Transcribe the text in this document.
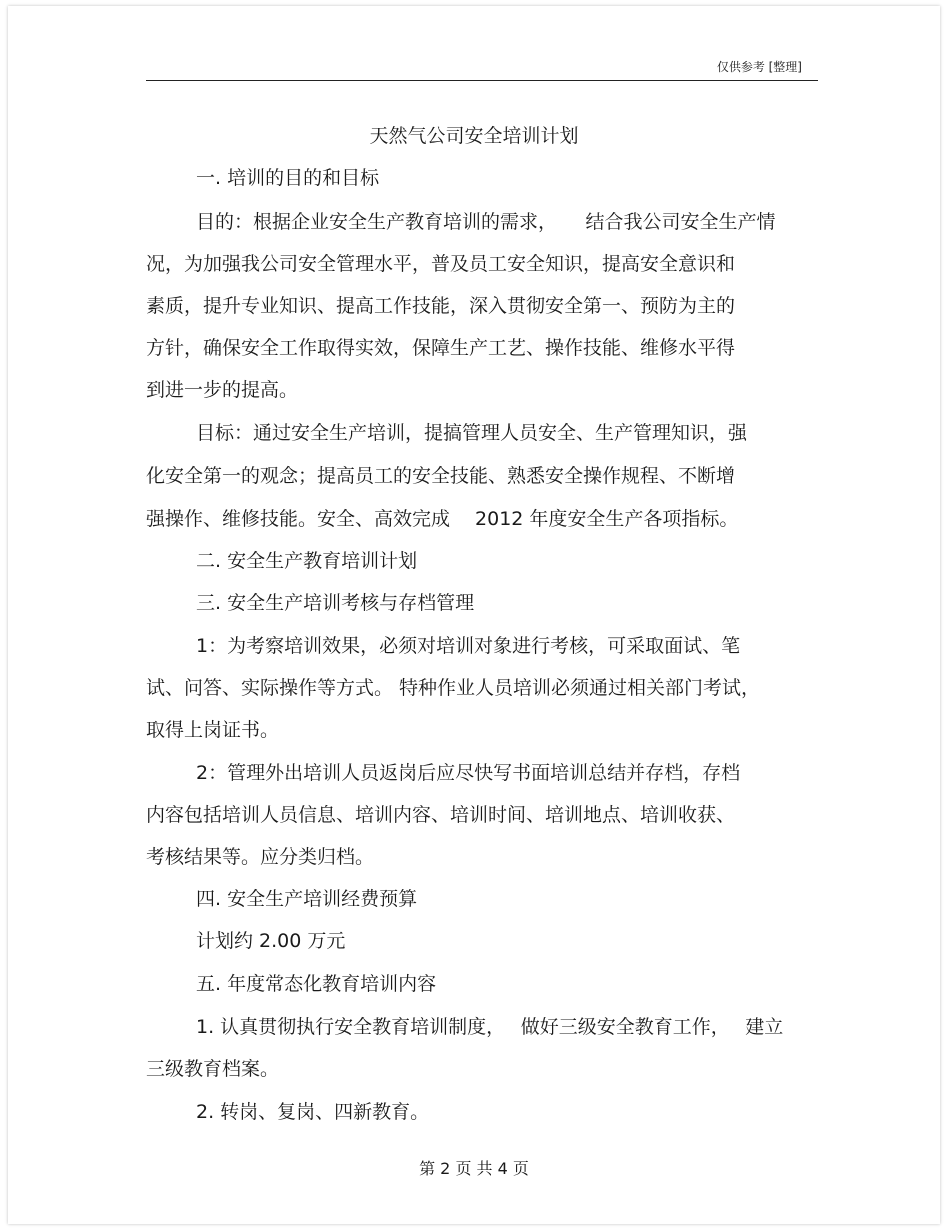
仅供参考 [整理]
天然气公司安全培训计划
一. 培训的目的和目标
目的：根据企业安全生产教育培训的需求，　　结合我公司安全生产情
况，为加强我公司安全管理水平，普及员工安全知识，提高安全意识和
素质，提升专业知识、提高工作技能，深入贯彻安全第一、预防为主的
方针，确保安全工作取得实效，保障生产工艺、操作技能、维修水平得
到进一步的提高。
目标：通过安全生产培训，提搞管理人员安全、生产管理知识，强
化安全第一的观念；提高员工的安全技能、熟悉安全操作规程、不断增
强操作、维修技能。安全、高效完成　 2012 年度安全生产各项指标。
二. 安全生产教育培训计划
三. 安全生产培训考核与存档管理
1：为考察培训效果，必须对培训对象进行考核，可采取面试、笔
试、问答、实际操作等方式。 特种作业人员培训必须通过相关部门考试，
取得上岗证书。
2：管理外出培训人员返岗后应尽快写书面培训总结并存档，存档
内容包括培训人员信息、培训内容、培训时间、培训地点、培训收获、
考核结果等。应分类归档。
四. 安全生产培训经费预算
计划约 2.00 万元
五. 年度常态化教育培训内容
1. 认真贯彻执行安全教育培训制度，　 做好三级安全教育工作，　 建立
三级教育档案。
2. 转岗、复岗、四新教育。
第 2 页 共 4 页
